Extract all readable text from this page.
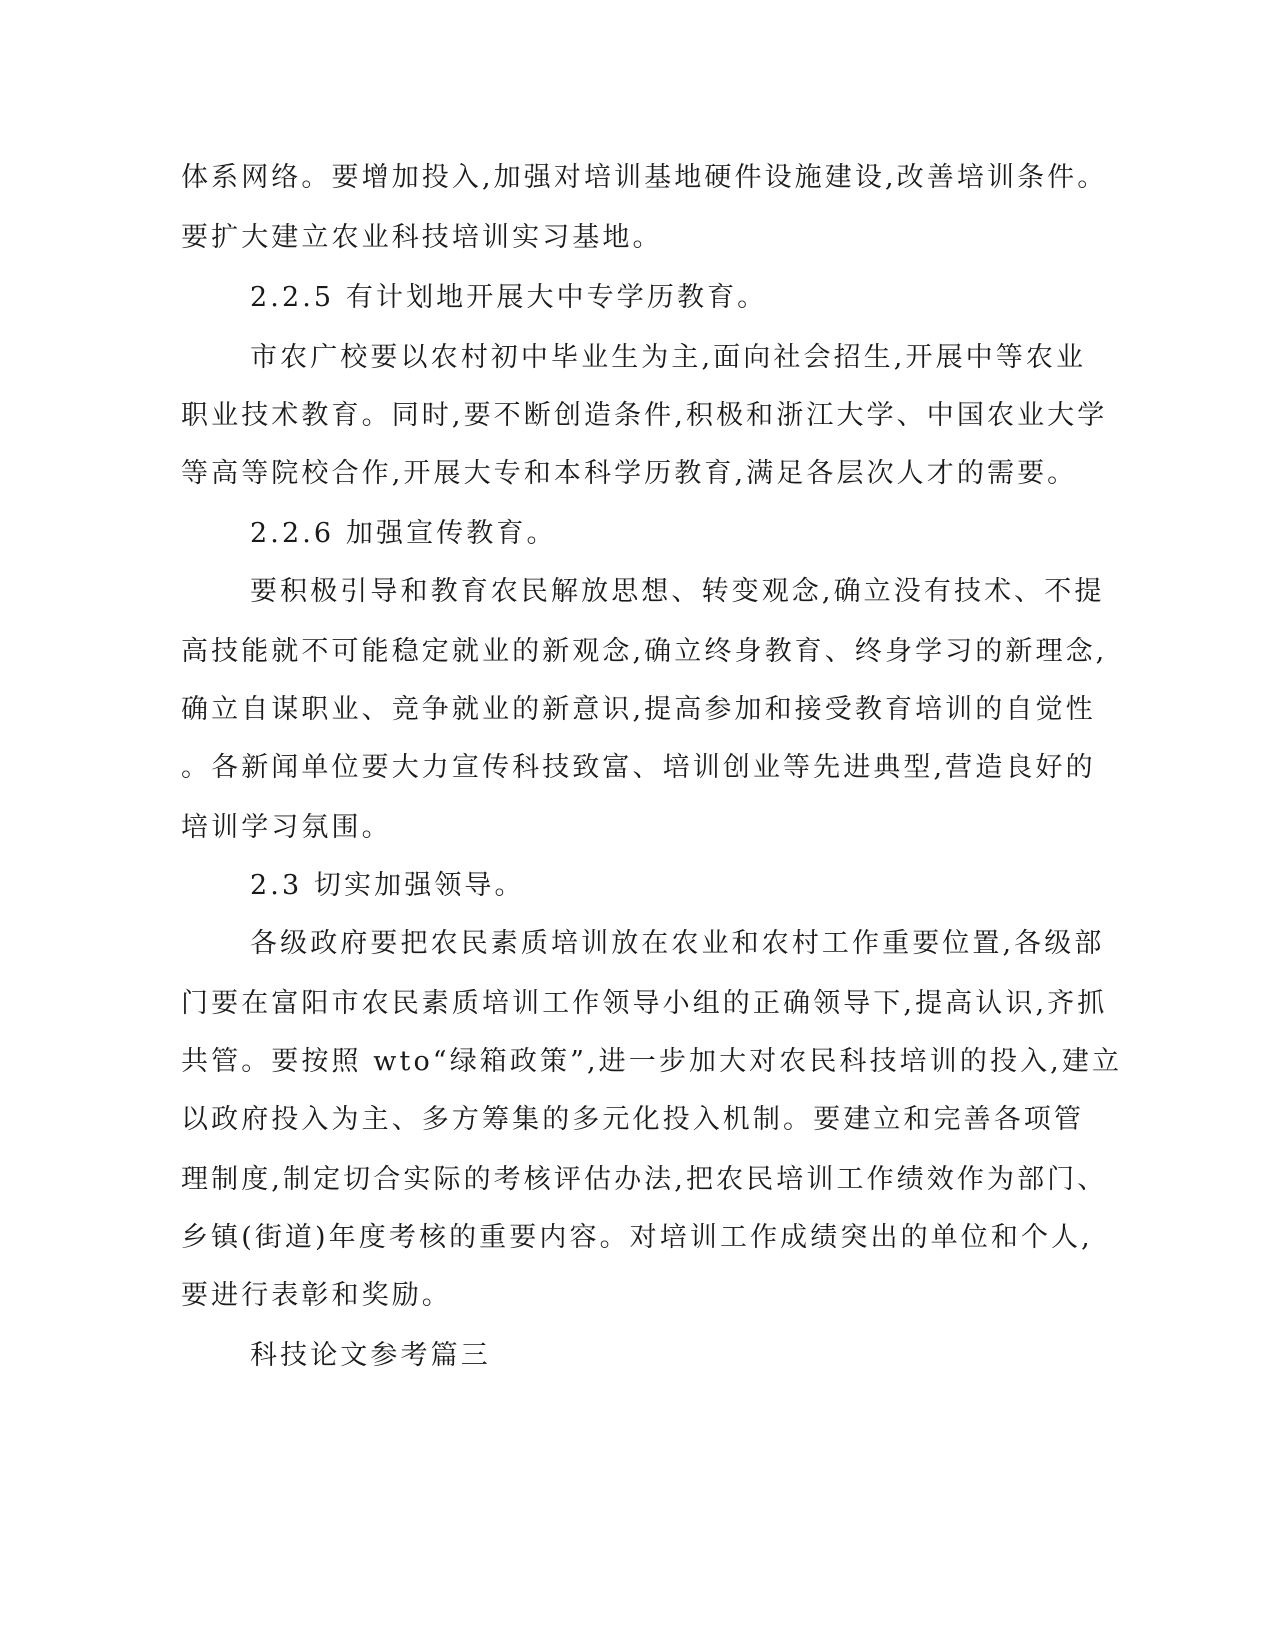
体系网络。要增加投入,加强对培训基地硬件设施建设,改善培训条件。
要扩大建立农业科技培训实习基地。
2.2.5 有计划地开展大中专学历教育。
市农广校要以农村初中毕业生为主,面向社会招生,开展中等农业
职业技术教育。同时,要不断创造条件,积极和浙江大学、中国农业大学
等高等院校合作,开展大专和本科学历教育,满足各层次人才的需要。
2.2.6 加强宣传教育。
要积极引导和教育农民解放思想、转变观念,确立没有技术、不提
高技能就不可能稳定就业的新观念,确立终身教育、终身学习的新理念,
确立自谋职业、竞争就业的新意识,提高参加和接受教育培训的自觉性
。各新闻单位要大力宣传科技致富、培训创业等先进典型,营造良好的
培训学习氛围。
2.3 切实加强领导。
各级政府要把农民素质培训放在农业和农村工作重要位置,各级部
门要在富阳市农民素质培训工作领导小组的正确领导下,提高认识,齐抓
共管。要按照 wto“绿箱政策”,进一步加大对农民科技培训的投入,建立
以政府投入为主、多方筹集的多元化投入机制。要建立和完善各项管
理制度,制定切合实际的考核评估办法,把农民培训工作绩效作为部门、
乡镇(街道)年度考核的重要内容。对培训工作成绩突出的单位和个人,
要进行表彰和奖励。
科技论文参考篇三
